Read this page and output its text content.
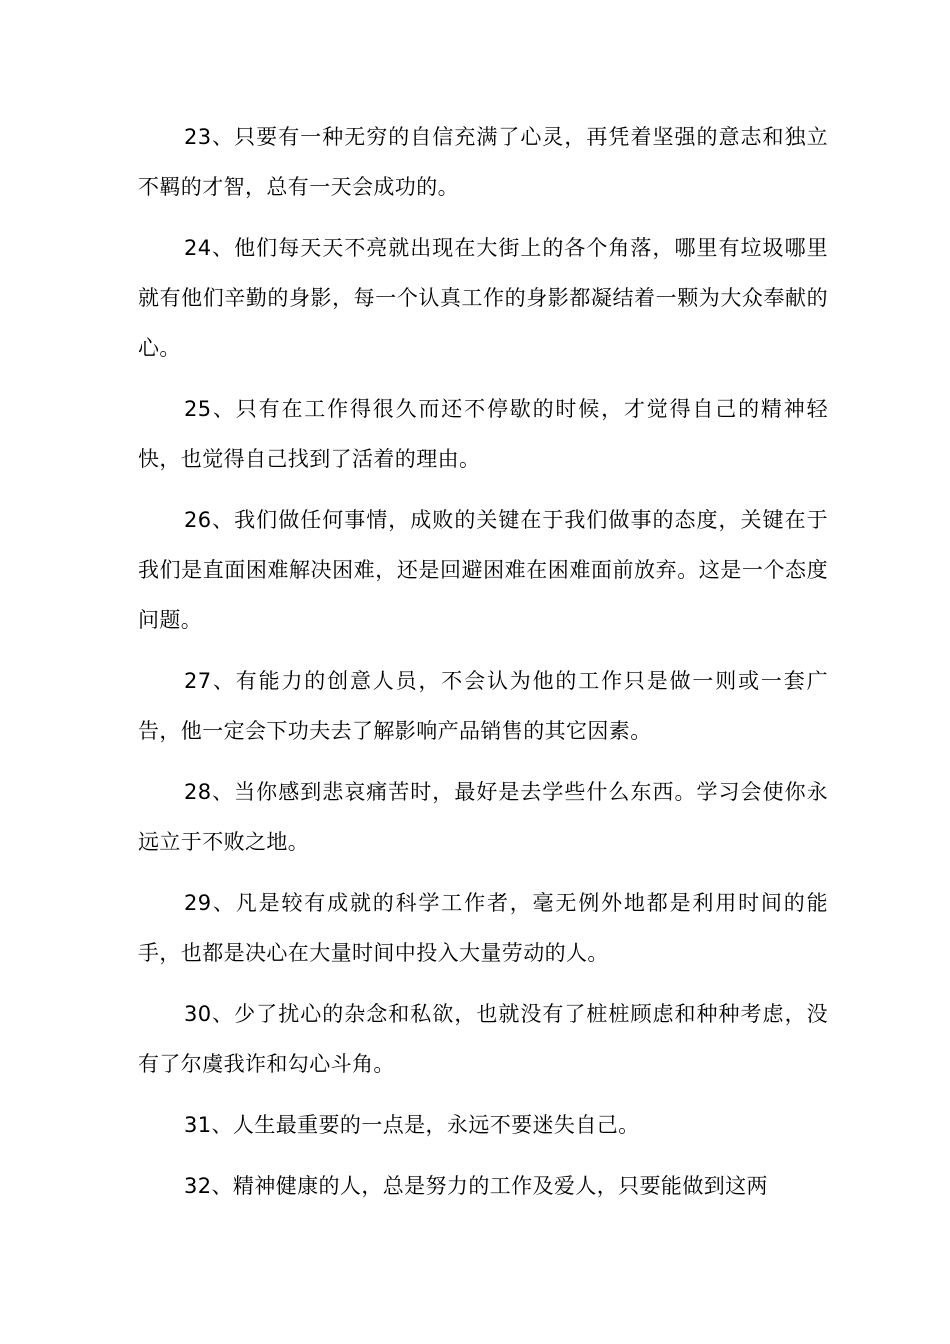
23、只要有一种无穷的自信充满了心灵，再凭着坚强的意志和独立不羁的才智，总有一天会成功的。

24、他们每天天不亮就出现在大街上的各个角落，哪里有垃圾哪里就有他们辛勤的身影，每一个认真工作的身影都凝结着一颗为大众奉献的心。

25、只有在工作得很久而还不停歇的时候，才觉得自己的精神轻快，也觉得自己找到了活着的理由。

26、我们做任何事情，成败的关键在于我们做事的态度，关键在于我们是直面困难解决困难，还是回避困难在困难面前放弃。这是一个态度问题。

27、有能力的创意人员，不会认为他的工作只是做一则或一套广告，他一定会下功夫去了解影响产品销售的其它因素。

28、当你感到悲哀痛苦时，最好是去学些什么东西。学习会使你永远立于不败之地。

29、凡是较有成就的科学工作者，毫无例外地都是利用时间的能手，也都是决心在大量时间中投入大量劳动的人。

30、少了扰心的杂念和私欲，也就没有了桩桩顾虑和种种考虑，没有了尔虞我诈和勾心斗角。

31、人生最重要的一点是，永远不要迷失自己。

32、精神健康的人，总是努力的工作及爱人，只要能做到这两
